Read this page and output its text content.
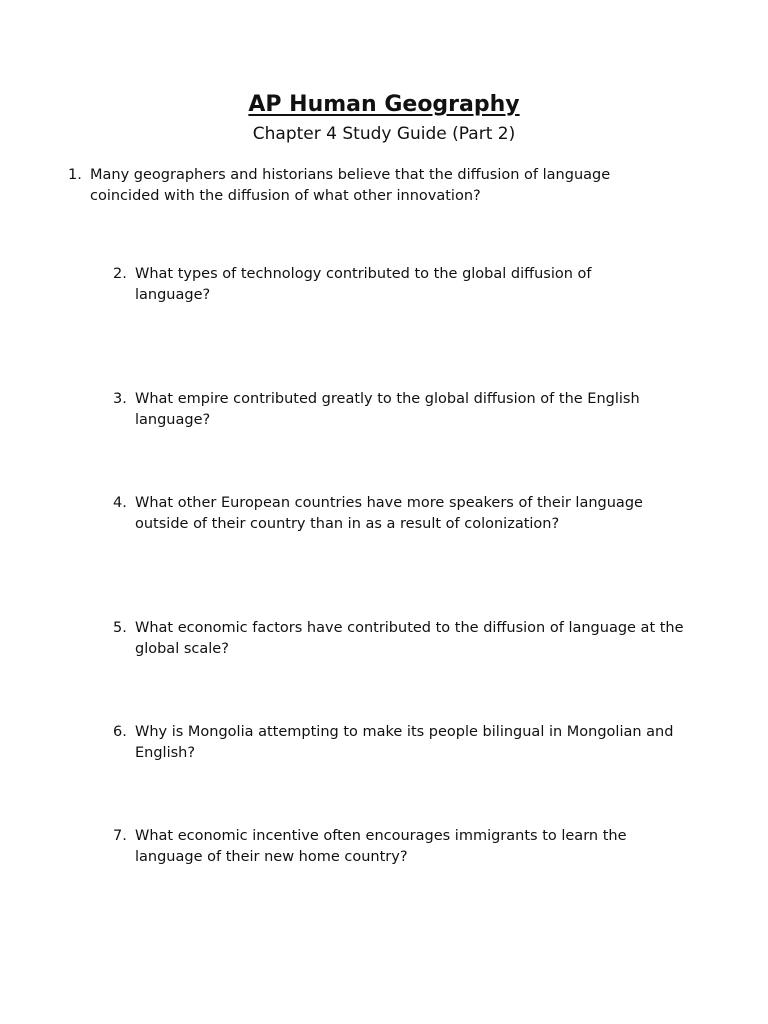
AP Human Geography
Chapter 4 Study Guide (Part 2)
1. Many geographers and historians believe that the diffusion of language coincided with the diffusion of what other innovation?
2. What types of technology contributed to the global diffusion of language?
3. What empire contributed greatly to the global diffusion of the English language?
4. What other European countries have more speakers of their language outside of their country than in as a result of colonization?
5. What economic factors have contributed to the diffusion of language at the global scale?
6. Why is Mongolia attempting to make its people bilingual in Mongolian and English?
7. What economic incentive often encourages immigrants to learn the language of their new home country?
